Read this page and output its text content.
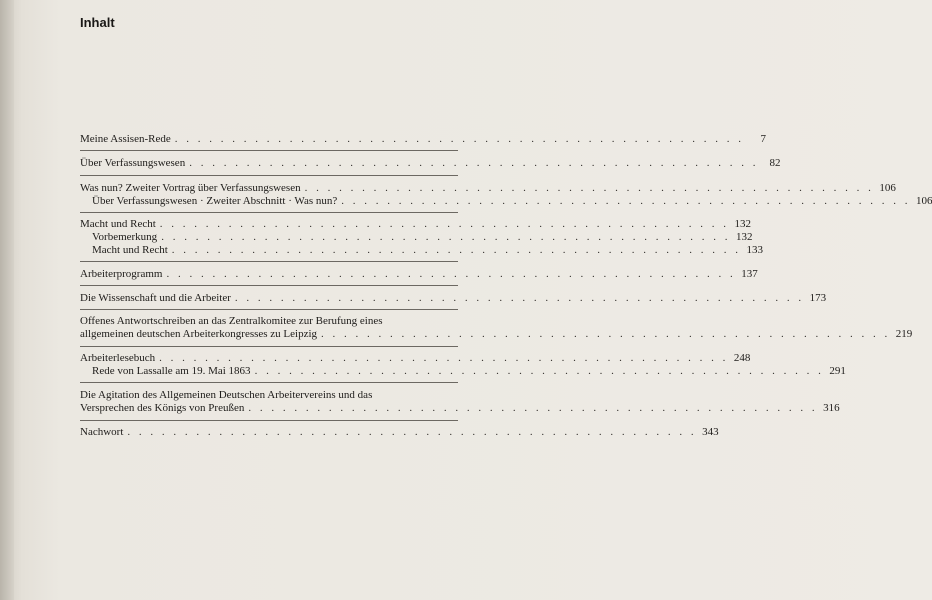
Inhalt

Meine Assisen-Rede . . . . . . . . . . . . . . . . . . . . . . . . . . . . . . . . . . . . . . . . . . . . . . . . . .	7
Über Verfassungswesen . . . . . . . . . . . . . . . . . . . . . . . . . . . . . . . . . . . . . . . . . . . . . . . . . .	82
Was nun? Zweiter Vortrag über Verfassungswesen . . . . . . . . . . . . . . . . . . . . . . . . . . . . . . . . . . . . . . . . . . . . . . . . . . 106
Über Verfassungswesen · Zweiter Abschnitt · Was nun? . . . . . . . . . . . . . . . . . . . . . . . . . . . . . . . . . . . . . . . . . . . . . . . . . . 106
Macht und Recht . . . . . . . . . . . . . . . . . . . . . . . . . . . . . . . . . . . . . . . . . . . . . . . . . . 132
Vorbemerkung . . . . . . . . . . . . . . . . . . . . . . . . . . . . . . . . . . . . . . . . . . . . . . . . . . 132
Macht und Recht . . . . . . . . . . . . . . . . . . . . . . . . . . . . . . . . . . . . . . . . . . . . . . . . . . 133
Arbeiterprogramm . . . . . . . . . . . . . . . . . . . . . . . . . . . . . . . . . . . . . . . . . . . . . . . . . . 137
Die Wissenschaft und die Arbeiter . . . . . . . . . . . . . . . . . . . . . . . . . . . . . . . . . . . . . . . . . . . . . . . . . . 173
Offenes Antwortschreiben an das Zentralkomitee zur Berufung eines
allgemeinen deutschen Arbeiterkongresses zu Leipzig . . . . . . . . . . . . . . . . . . . . . . . . . . . . . . . . . . . . . . . . . . . . . . . . . . 219
Arbeiterlesebuch . . . . . . . . . . . . . . . . . . . . . . . . . . . . . . . . . . . . . . . . . . . . . . . . . . 248
Rede von Lassalle am 19. Mai 1863 . . . . . . . . . . . . . . . . . . . . . . . . . . . . . . . . . . . . . . . . . . . . . . . . . . 291
Die Agitation des Allgemeinen Deutschen Arbeitervereins und das
Versprechen des Königs von Preußen . . . . . . . . . . . . . . . . . . . . . . . . . . . . . . . . . . . . . . . . . . . . . . . . . . 316
Nachwort . . . . . . . . . . . . . . . . . . . . . . . . . . . . . . . . . . . . . . . . . . . . . . . . . . 343
